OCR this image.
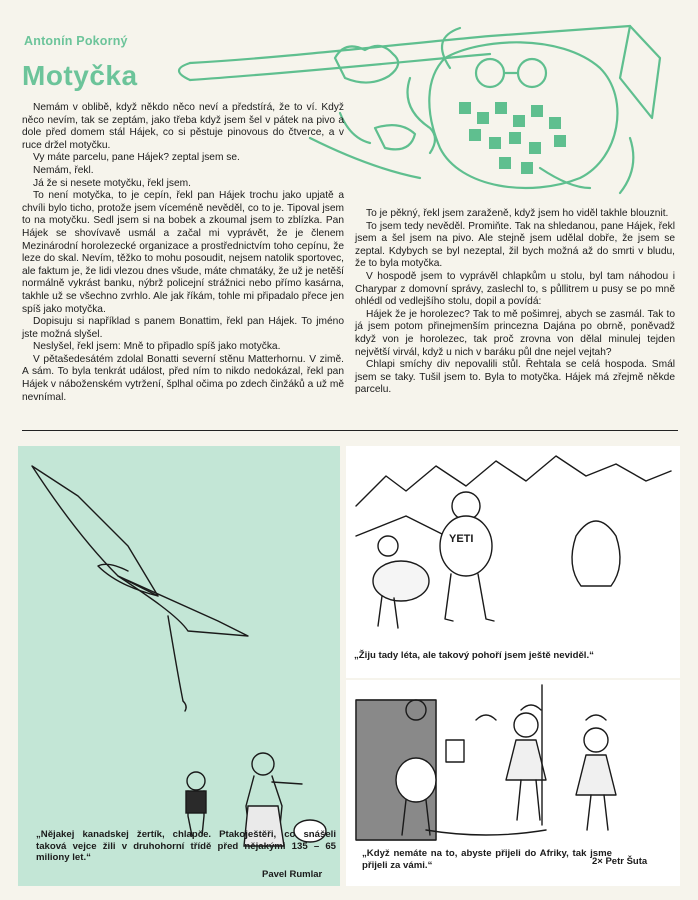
Antonín Pokorný
Motyčka

Nemám v oblibě, když někdo něco neví a předstírá, že to ví. Když něco nevím, tak se zeptám, jako třeba když jsem šel v pátek na pivo a dole před domem stál Hájek, co si pěstuje pinovous do čtverce, a v ruce držel motyčku.

Vy máte parcelu, pane Hájek? zeptal jsem se.

Nemám, řekl.

Já že si nesete motyčku, řekl jsem.

To není motyčka, to je cepín, řekl pan Hájek trochu jako upjatě a chvíli bylo ticho, protože jsem víceméně nevěděl, co to je. Tipoval jsem to na motyčku. Sedl jsem si na bobek a zkoumal jsem to zblízka. Pan Hájek se shovívavě usmál a začal mi vyprávět, že je členem Mezinárodní horolezecké organizace a prostřednictvím toho cepínu, že leze do skal. Nevím, těžko to mohu posoudit, nejsem natolik sportovec, ale faktum je, že lidi vlezou dnes všude, máte chmatáky, že už je netěší normálně vykrást banku, nýbrž policejní strážnici nebo přímo kasárna, takhle už se všechno zvrhlo. Ale jak říkám, tohle mi připadalo přece jen spíš jako motyčka.

Dopisuju si například s panem Bonattim, řekl pan Hájek. To jméno jste možná slyšel.

Neslyšel, řekl jsem: Mně to připadlo spíš jako motyčka.

V pětašedesátém zdolal Bonatti severní stěnu Matterhornu. V zimě. A sám. To byla tenkrát událost, před ním to nikdo nedokázal, řekl pan Hájek v náboženském vytržení, šplhal očima po zdech činžáků a už mě nevnímal.

To je pěkný, řekl jsem zaraženě, když jsem ho viděl takhle blouznit.

To jsem tedy nevěděl. Promiňte. Tak na shledanou, pane Hájek, řekl jsem a šel jsem na pivo. Ale stejně jsem udělal dobře, že jsem se zeptal. Kdybych se byl nezeptal, žil bych možná až do smrti v bludu, že to byla motyčka.

V hospodě jsem to vyprávěl chlapkům u stolu, byl tam náhodou i Charypar z domovní správy, zaslechl to, s půllitrem u pusy se po mně ohlédl od vedlejšího stolu, dopil a povídá:

Hájek že je horolezec? Tak to mě pošimrej, abych se zasmál. Tak to já jsem potom přinejmenším princezna Dajána po obrně, poněvadž když von je horolezec, tak proč zrovna von dělal minulej tejden největší virvál, když u nich v baráku půl dne nejel vejtah?

Chlapi smíchy div nepovalili stůl. Řehtala se celá hospoda. Smál jsem se taky. Tušil jsem to. Byla to motyčka. Hájek má zřejmě někde parcelu.

„Nějakej kanadskej žertík, chlapče. Ptakoještěři, co snášeli taková vejce žili v druhohorní třídě před nějakými 135 – 65 miliony let.“
Pavel Rumlar
YETI
„Žiju tady léta, ale takový pohoří jsem ještě neviděl.“
„Když nemáte na to, abyste přijeli do Afriky, tak jsme přijeli za vámi.“	2× Petr Šuta
